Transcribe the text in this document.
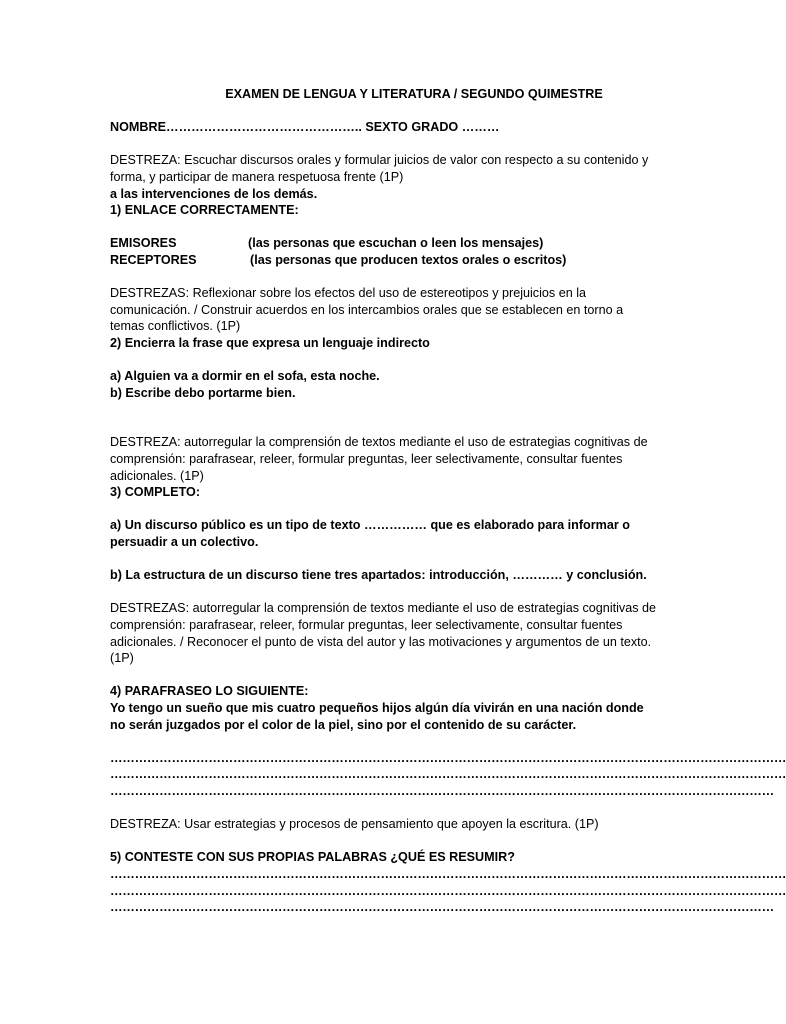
EXAMEN DE LENGUA Y LITERATURA / SEGUNDO QUIMESTRE
NOMBRE……………………………………….. SEXTO GRADO ………
DESTREZA: Escuchar discursos orales y formular juicios de valor con respecto a su contenido y forma, y participar de manera respetuosa frente (1P)
a las intervenciones de los demás.
1) ENLACE CORRECTAMENTE:
EMISORES	(las personas que escuchan o leen los mensajes)
RECEPTORES	(las personas que producen textos orales o escritos)
DESTREZAS: Reflexionar sobre los efectos del uso de estereotipos y prejuicios en la comunicación. / Construir acuerdos en los intercambios orales que se establecen en torno a temas conflictivos. (1P)
2) Encierra la frase que expresa un lenguaje indirecto
a) Alguien va a dormir en el sofa, esta noche.
b) Escribe debo portarme bien.
DESTREZA: autorregular la comprensión de textos mediante el uso de estrategias cognitivas de comprensión: parafrasear, releer, formular preguntas, leer selectivamente, consultar fuentes adicionales. (1P)
3) COMPLETO:
a) Un discurso público es un tipo de texto …………… que es elaborado para informar o persuadir a un colectivo.
b) La estructura de un discurso tiene tres apartados: introducción, ………… y conclusión.
DESTREZAS: autorregular la comprensión de textos mediante el uso de estrategias cognitivas de comprensión: parafrasear, releer, formular preguntas, leer selectivamente, consultar fuentes adicionales. / Reconocer el punto de vista del autor y las motivaciones y argumentos de un texto. (1P)
4) PARAFRASEO LO SIGUIENTE:
Yo tengo un sueño que mis cuatro pequeños hijos algún día vivirán en una nación donde no serán juzgados por el color de la piel, sino por el contenido de su carácter.
…………………………………………………………………………………………………………………………………………………
…………………………………………………………………………………………………………………………………………………
………………………………………………………………………………………………………………………………………………
DESTREZA: Usar estrategias y procesos de pensamiento que apoyen la escritura. (1P)
5) CONTESTE CON SUS PROPIAS PALABRAS ¿QUÉ ES RESUMIR?
…………………………………………………………………………………………………………………………………………………
…………………………………………………………………………………………………………………………………………………
………………………………………………………………………………………………………………………………………………
